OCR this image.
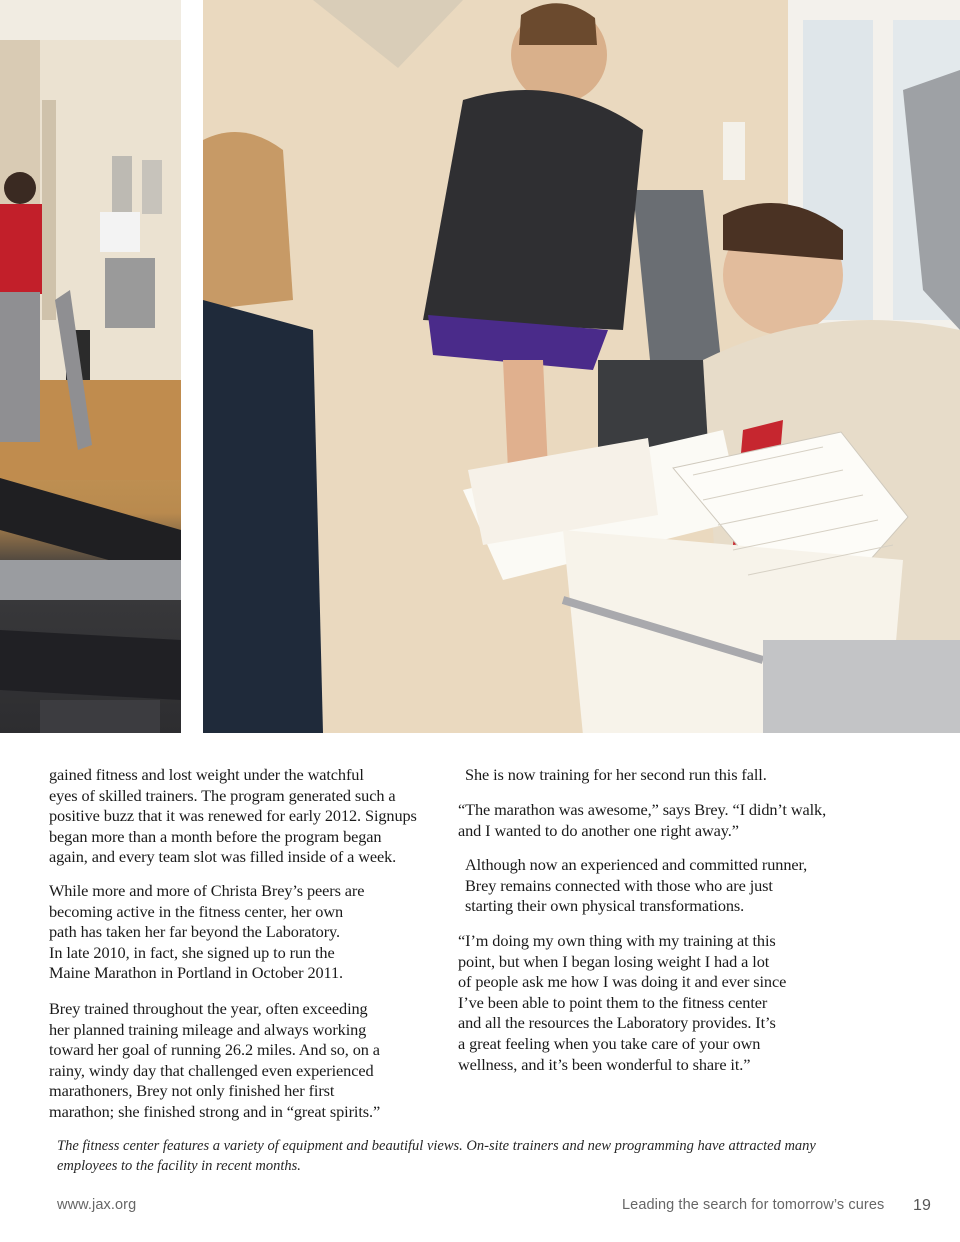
gained fitness and lost weight under the watchful
eyes of skilled trainers. The program generated such a
positive buzz that it was renewed for early 2012. Signups
began more than a month before the program began
again, and every team slot was filled inside of a week.

While more and more of Christa Brey’s peers are
becoming active in the fitness center, her own
path has taken her far beyond the Laboratory.
In late 2010, in fact, she signed up to run the
Maine Marathon in Portland in October 2011.

Brey trained throughout the year, often exceeding
her planned training mileage and always working
toward her goal of running 26.2 miles. And so, on a
rainy, windy day that challenged even experienced
marathoners, Brey not only finished her first
marathon; she finished strong and in “great spirits.”

She is now training for her second run this fall.

“The marathon was awesome,” says Brey. “I didn’t walk,
and I wanted to do another one right away.”

Although now an experienced and committed runner,
Brey remains connected with those who are just
starting their own physical transformations.

“I’m doing my own thing with my training at this
point, but when I began losing weight I had a lot
of people ask me how I was doing it and ever since
I’ve been able to point them to the fitness center
and all the resources the Laboratory provides. It’s
a great feeling when you take care of your own
wellness, and it’s been wonderful to share it.”

The fitness center features a variety of equipment and beautiful views. On-site trainers and new programming have attracted many
employees to the facility in recent months.
www.jax.org	Leading the search for tomorrow’s cures 19
